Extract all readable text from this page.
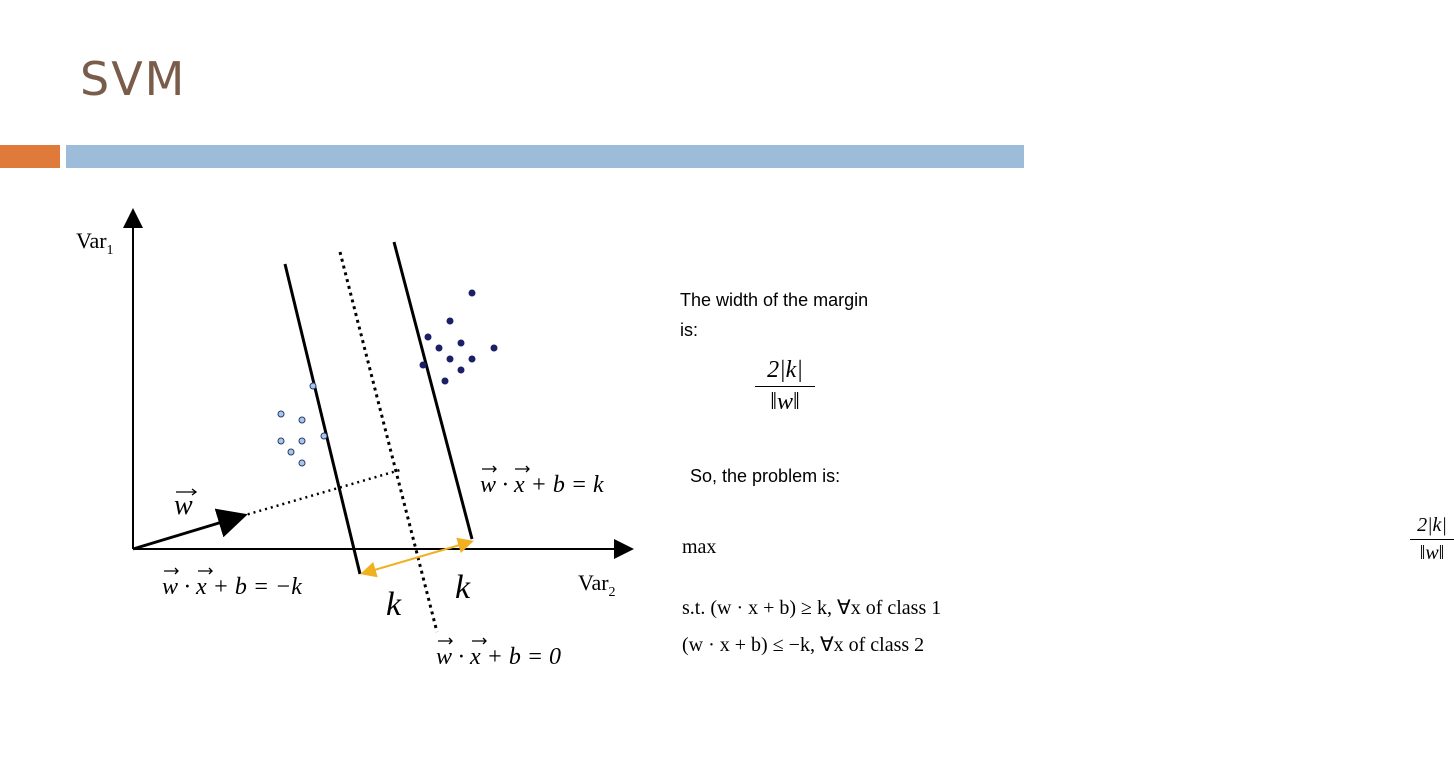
SVM
Var$_1$
Var$_2$
w · x + b = k
w · x + b = −k
w · x + b = 0
w
k k
The width of the margin is:
2|k|
‖w‖
So, the problem is:
max
2|k|
‖w‖
s.t. (w · x + b) ≥ k, ∀x of class 1
(w · x + b) ≤ −k, ∀x of class 2
